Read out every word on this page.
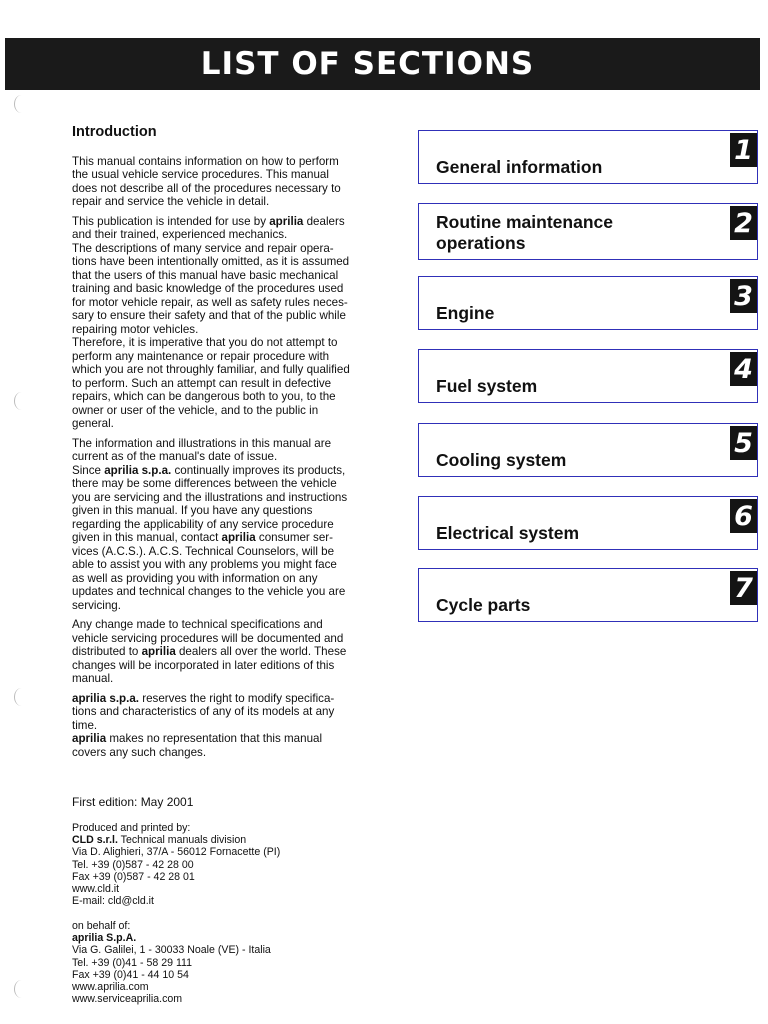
LIST OF SECTIONS
Introduction

This manual contains information on how to perform
the usual vehicle service procedures. This manual
does not describe all of the procedures necessary to
repair and service the vehicle in detail.

This publication is intended for use by aprilia dealers
and their trained, experienced mechanics.
The descriptions of many service and repair opera-
tions have been intentionally omitted, as it is assumed
that the users of this manual have basic mechanical
training and basic knowledge of the procedures used
for motor vehicle repair, as well as safety rules neces-
sary to ensure their safety and that of the public while
repairing motor vehicles.
Therefore, it is imperative that you do not attempt to
perform any maintenance or repair procedure with
which you are not throughly familiar, and fully qualified
to perform. Such an attempt can result in defective
repairs, which can be dangerous both to you, to the
owner or user of the vehicle, and to the public in
general.

The information and illustrations in this manual are
current as of the manual's date of issue.
Since aprilia s.p.a. continually improves its products,
there may be some differences between the vehicle
you are servicing and the illustrations and instructions
given in this manual. If you have any questions
regarding the applicability of any service procedure
given in this manual, contact aprilia consumer ser-
vices (A.C.S.). A.C.S. Technical Counselors, will be
able to assist you with any problems you might face
as well as providing you with information on any
updates and technical changes to the vehicle you are
servicing.

Any change made to technical specifications and
vehicle servicing procedures will be documented and
distributed to aprilia dealers all over the world. These
changes will be incorporated in later editions of this
manual.

aprilia s.p.a. reserves the right to modify specifica-
tions and characteristics of any of its models at any
time.
aprilia makes no representation that this manual
covers any such changes.

First edition: May 2001
Produced and printed by:
CLD s.r.l. Technical manuals division
Via D. Alighieri, 37/A - 56012 Fornacette (PI)
Tel. +39 (0)587 - 42 28 00
Fax +39 (0)587 - 42 28 01
www.cld.it
E-mail: cld@cld.it
on behalf of:
aprilia S.p.A.
Via G. Galilei, 1 - 30033 Noale (VE) - Italia
Tel. +39 (0)41 - 58 29 111
Fax +39 (0)41 - 44 10 54
www.aprilia.com
www.serviceaprilia.com
General information
1
Routine maintenance
operations
2
Engine
3
Fuel system
4
Cooling system
5
Electrical system
6
Cycle parts
7
